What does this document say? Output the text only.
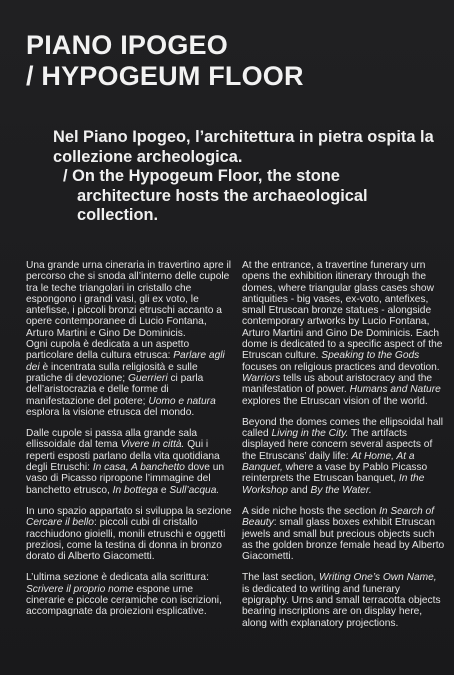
PIANO IPOGEO
/ HYPOGEUM FLOOR
Nel Piano Ipogeo, l’architettura in pietra ospita la collezione archeologica.
/ On the Hypogeum Floor, the stone
architecture hosts the archaeological collection.

Una grande urna cineraria in travertino apre il percorso che si snoda all’interno delle cupole tra le teche triangolari in cristallo che espongono i grandi vasi, gli ex voto, le antefisse, i piccoli bronzi etruschi accanto a opere contemporanee di Lucio Fontana, Arturo Martini e Gino De Dominicis.

Ogni cupola è dedicata a un aspetto particolare della cultura etrusca: Parlare agli dei è incentrata sulla religiosità e sulle pratiche di devozione; Guerrieri ci parla dell’aristocrazia e delle forme di manifestazione del potere; Uomo e natura esplora la visione etrusca del mondo.

Dalle cupole si passa alla grande sala ellissoidale dal tema Vivere in città. Qui i reperti esposti parlano della vita quotidiana degli Etruschi: In casa, A banchetto dove un vaso di Picasso ripropone l’immagine del banchetto etrusco, In bottega e Sull’acqua.

In uno spazio appartato si sviluppa la sezione Cercare il bello: piccoli cubi di cristallo racchiudono gioielli, monili etruschi e oggetti preziosi, come la testina di donna in bronzo dorato di Alberto Giacometti.

L’ultima sezione è dedicata alla scrittura: Scrivere il proprio nome espone urne cinerarie e piccole ceramiche con iscrizioni, accompagnate da proiezioni esplicative.

At the entrance, a travertine funerary urn opens the exhibition itinerary through the domes, where triangular glass cases show antiquities - big vases, ex-voto, antefixes, small Etruscan bronze statues - alongside contemporary artworks by Lucio Fontana, Arturo Martini and Gino De Dominicis. Each dome is dedicated to a specific aspect of the Etruscan culture. Speaking to the Gods focuses on religious practices and devotion. Warriors tells us about aristocracy and the manifestation of power. Humans and Nature explores the Etruscan vision of the world.

Beyond the domes comes the ellipsoidal hall called Living in the City. The artifacts displayed here concern several aspects of the Etruscans’ daily life: At Home, At a Banquet, where a vase by Pablo Picasso reinterprets the Etruscan banquet, In the Workshop and By the Water.

A side niche hosts the section In Search of Beauty: small glass boxes exhibit Etruscan jewels and small but precious objects such as the golden bronze female head by Alberto Giacometti.

The last section, Writing One’s Own Name, is dedicated to writing and funerary epigraphy. Urns and small terracotta objects bearing inscriptions are on display here, along with explanatory projections.
